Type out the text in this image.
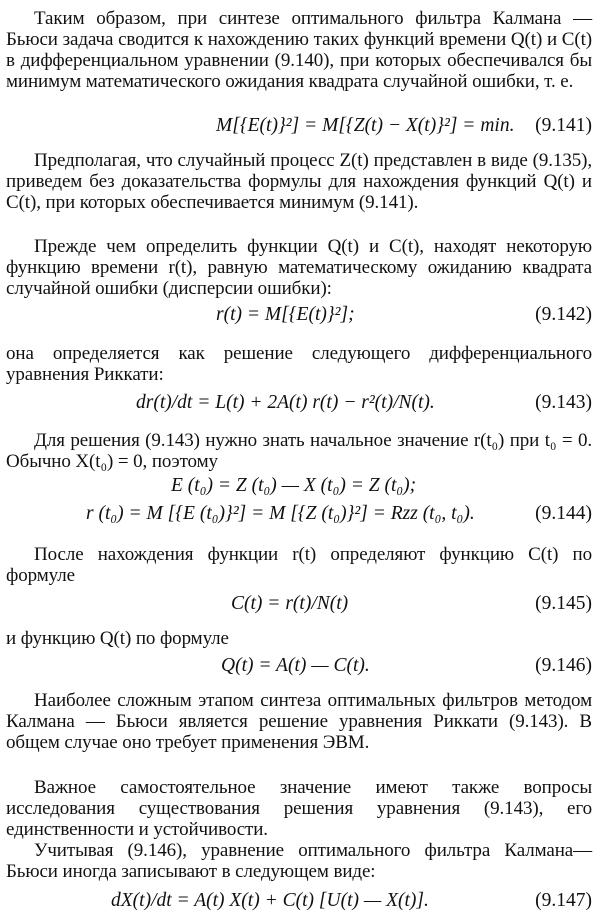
Таким образом, при синтезе оптимального фильтра Калмана — Бьюси задача сводится к нахождению таких функций времени Q(t) и C(t) в дифференциальном уравнении (9.140), при которых обеспечивался бы минимум математического ожидания квадрата случайной ошибки, т. е.
M[{E(t)}²] = M[{Z(t) − X(t)}²] = min. (9.141)
Предполагая, что случайный процесс Z(t) представлен в виде (9.135), приведем без доказательства формулы для нахождения функций Q(t) и C(t), при которых обеспечивается минимум (9.141).
Прежде чем определить функции Q(t) и C(t), находят некоторую функцию времени r(t), равную математическому ожиданию квадрата случайной ошибки (дисперсии ошибки):
r(t) = M[{E(t)}²];	(9.142)
она определяется как решение следующего дифференциального уравнения Риккати:
dr(t)/dt = L(t) + 2A(t) r(t) − r²(t)/N(t).	(9.143)
Для решения (9.143) нужно знать начальное значение r(t₀) при t₀ = 0. Обычно X(t₀) = 0, поэтому
E (t₀) = Z (t₀) — X (t₀) = Z (t₀);
r (t₀) = M [{E (t₀)}²] = M [{Z (t₀)}²] = Rzz (t₀, t₀).	(9.144)
После нахождения функции r(t) определяют функцию C(t) по формуле
C(t) = r(t)/N(t)	(9.145)
и функцию Q(t) по формуле
Q(t) = A(t) — C(t).	(9.146)
Наиболее сложным этапом синтеза оптимальных фильтров методом Калмана — Бьюси является решение уравнения Риккати (9.143). В общем случае оно требует применения ЭВМ.
Важное самостоятельное значение имеют также вопросы исследования существования решения уравнения (9.143), его единственности и устойчивости.
Учитывая (9.146), уравнение оптимального фильтра Калмана—Бьюси иногда записывают в следующем виде:
dX(t)/dt = A(t) X(t) + C(t) [U(t) — X(t)].	(9.147)
